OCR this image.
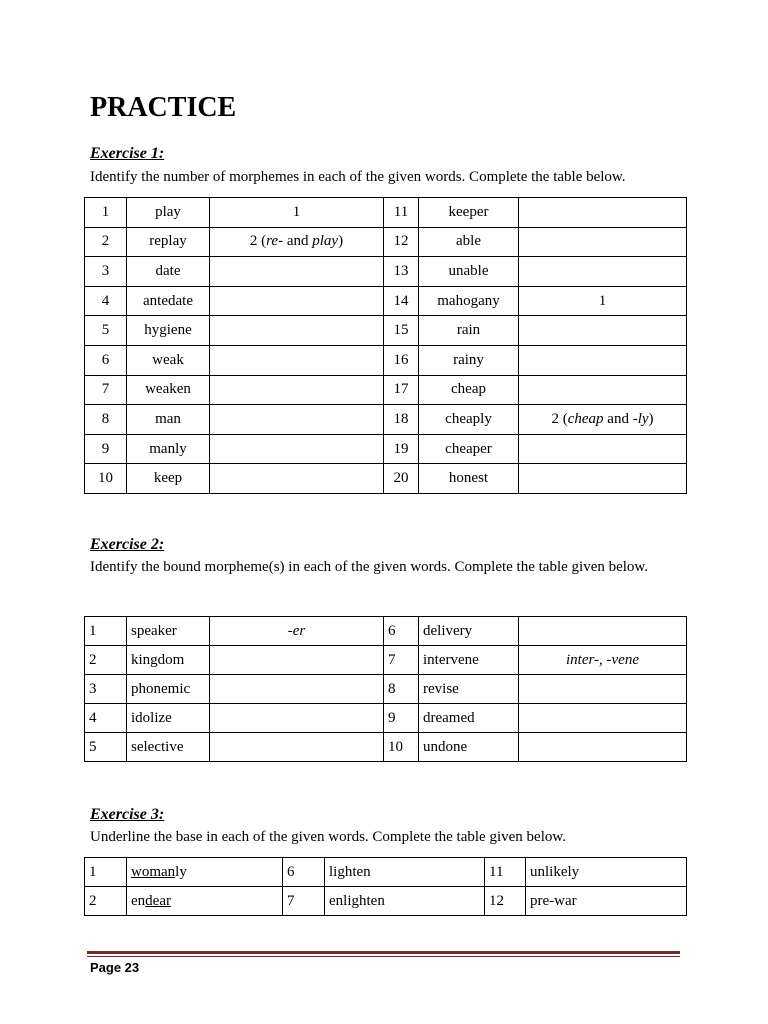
PRACTICE
Exercise 1:
Identify the number of morphemes in each of the given words. Complete the table below.
1	play	1	11	keeper	
2	replay	2 (re- and play)	12	able	
3	date		13	unable	
4	antedate		14	mahogany	1
5	hygiene		15	rain	
6	weak		16	rainy	
7	weaken		17	cheap	
8	man		18	cheaply	2 (cheap and -ly)
9	manly		19	cheaper	
10	keep		20	honest	
Exercise 2:
Identify the bound morpheme(s) in each of the given words. Complete the table given below.
1	speaker	-er	6	delivery	
2	kingdom		7	intervene	inter-, -vene
3	phonemic		8	revise	
4	idolize		9	dreamed	
5	selective		10	undone	
Exercise 3:
Underline the base in each of the given words. Complete the table given below.
1	womanly	6	lighten	11	unlikely
2	endear	7	enlighten	12	pre-war
Page 23
